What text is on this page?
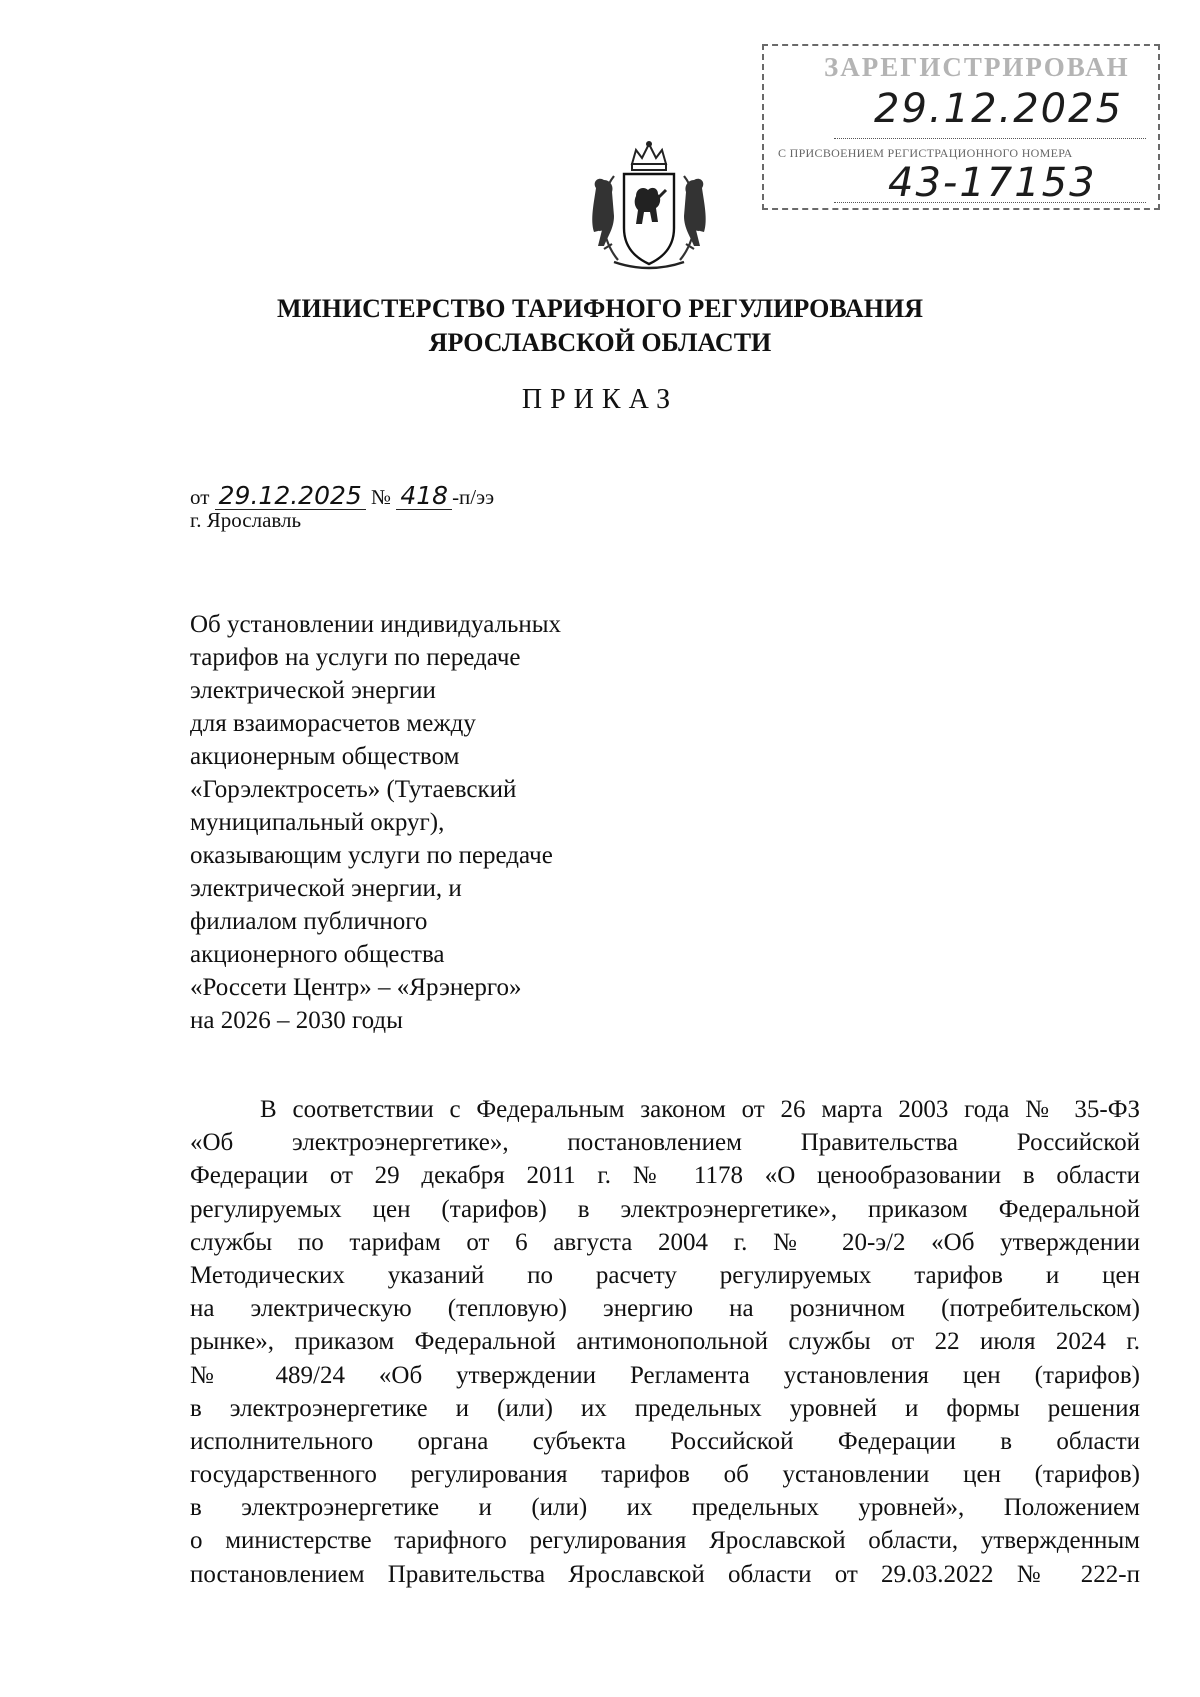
ЗАРЕГИСТРИРОВАН
29.12.2025
С ПРИСВОЕНИЕМ РЕГИСТРАЦИОННОГО НОМЕРА
43-17153
МИНИСТЕРСТВО ТАРИФНОГО РЕГУЛИРОВАНИЯ
ЯРОСЛАВСКОЙ ОБЛАСТИ
ПРИКАЗ
от 29.12.2025 № 418 -п/ээ
г. Ярославль
Об установлении индивидуальных
тарифов на услуги по передаче
электрической энергии
для взаиморасчетов между
акционерным обществом
«Горэлектросеть» (Тутаевский
муниципальный округ),
оказывающим услуги по передаче
электрической энергии, и
филиалом публичного
акционерного общества
«Россети Центр» – «Ярэнерго»
на 2026 – 2030 годы
В соответствии с Федеральным законом от 26 марта 2003 года № 35-ФЗ
«Об электроэнергетике», постановлением Правительства Российской
Федерации от 29 декабря 2011 г. № 1178 «О ценообразовании в области
регулируемых цен (тарифов) в электроэнергетике», приказом Федеральной
службы по тарифам от 6 августа 2004 г. № 20-э/2 «Об утверждении
Методических указаний по расчету регулируемых тарифов и цен
на электрическую (тепловую) энергию на розничном (потребительском)
рынке», приказом Федеральной антимонопольной службы от 22 июля 2024 г.
№ 489/24 «Об утверждении Регламента установления цен (тарифов)
в электроэнергетике и (или) их предельных уровней и формы решения
исполнительного органа субъекта Российской Федерации в области
государственного регулирования тарифов об установлении цен (тарифов)
в электроэнергетике и (или) их предельных уровней», Положением
о министерстве тарифного регулирования Ярославской области, утвержденным
постановлением Правительства Ярославской области от 29.03.2022 № 222-п
